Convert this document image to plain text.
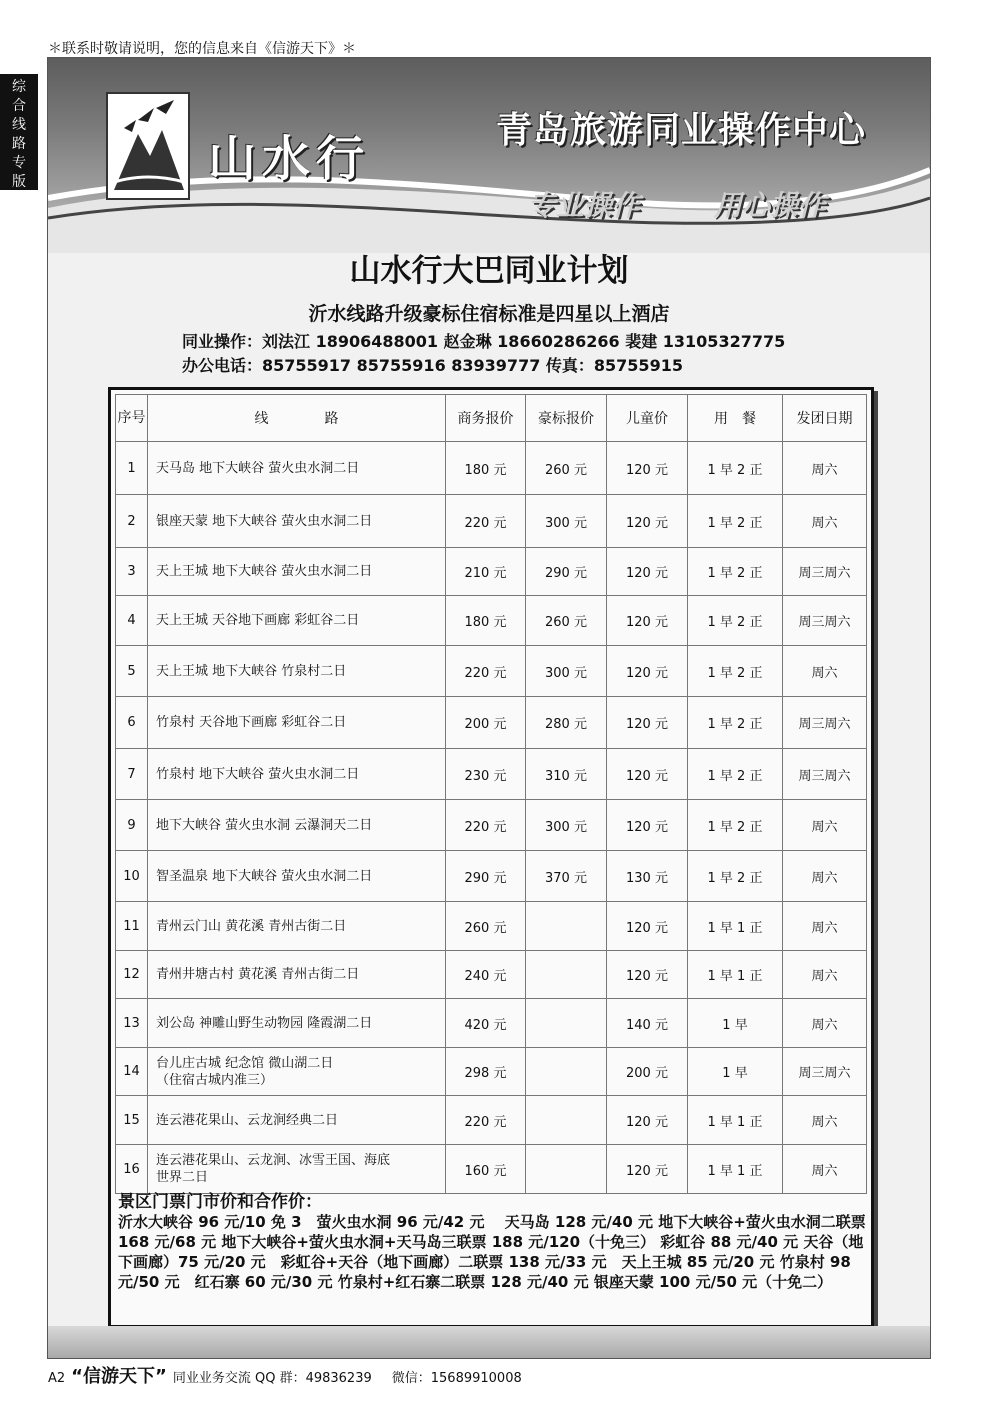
＊联系时敬请说明，您的信息来自《信游天下》＊
综
合
线
路
专
版	山水行
青岛旅游同业操作中心
专业操作	用心操作
山水行大巴同业计划
沂水线路升级豪标住宿标准是四星以上酒店
同业操作：刘法江 18906488001 赵金琳 18660286266 裴建 13105327775
办公电话：85755917 85755916 83939777 传真：85755915
序号	线　　　　路	商务报价	豪标报价	儿童价	用　餐	发团日期
1	天马岛 地下大峡谷 萤火虫水洞二日	180 元	260 元	120 元	1 早 2 正	周六
2	银座天蒙 地下大峡谷 萤火虫水洞二日	220 元	300 元	120 元	1 早 2 正	周六
3	天上王城 地下大峡谷 萤火虫水洞二日	210 元	290 元	120 元	1 早 2 正	周三周六
4	天上王城 天谷地下画廊 彩虹谷二日	180 元	260 元	120 元	1 早 2 正	周三周六
5	天上王城 地下大峡谷 竹泉村二日	220 元	300 元	120 元	1 早 2 正	周六
6	竹泉村 天谷地下画廊 彩虹谷二日	200 元	280 元	120 元	1 早 2 正	周三周六
7	竹泉村 地下大峡谷 萤火虫水洞二日	230 元	310 元	120 元	1 早 2 正	周三周六
9	地下大峡谷 萤火虫水洞 云瀑洞天二日	220 元	300 元	120 元	1 早 2 正	周六
10	智圣温泉 地下大峡谷 萤火虫水洞二日	290 元	370 元	130 元	1 早 2 正	周六
11	青州云门山 黄花溪 青州古街二日	260 元		120 元	1 早 1 正	周六
12	青州井塘古村 黄花溪 青州古街二日	240 元		120 元	1 早 1 正	周六
13	刘公岛 神雕山野生动物园 隆霞湖二日	420 元		140 元	1 早	周六
14	台儿庄古城 纪念馆 微山湖二日
（住宿古城内准三）	298 元		200 元	1 早	周三周六
15	连云港花果山、云龙涧经典二日	220 元		120 元	1 早 1 正	周六
16	连云港花果山、云龙涧、冰雪王国、海底
世界二日	160 元		120 元	1 早 1 正	周六
景区门票门市价和合作价：
沂水大峡谷 96 元/10 免 3　萤火虫水洞 96 元/42 元　 天马岛 128 元/40 元 地下大峡谷+萤火虫水洞二联票 168 元/68 元 地下大峡谷+萤火虫水洞+天马岛三联票 188 元/120（十免三） 彩虹谷 88 元/40 元 天谷（地下画廊）75 元/20 元　彩虹谷+天谷（地下画廊）二联票 138 元/33 元　天上王城 85 元/20 元 竹泉村 98 元/50 元　红石寨 60 元/30 元 竹泉村+红石寨二联票 128 元/40 元 银座天蒙 100 元/50 元（十免二）
A2 “信游天下” 同业业务交流 QQ 群：49836239 微信：15689910008
